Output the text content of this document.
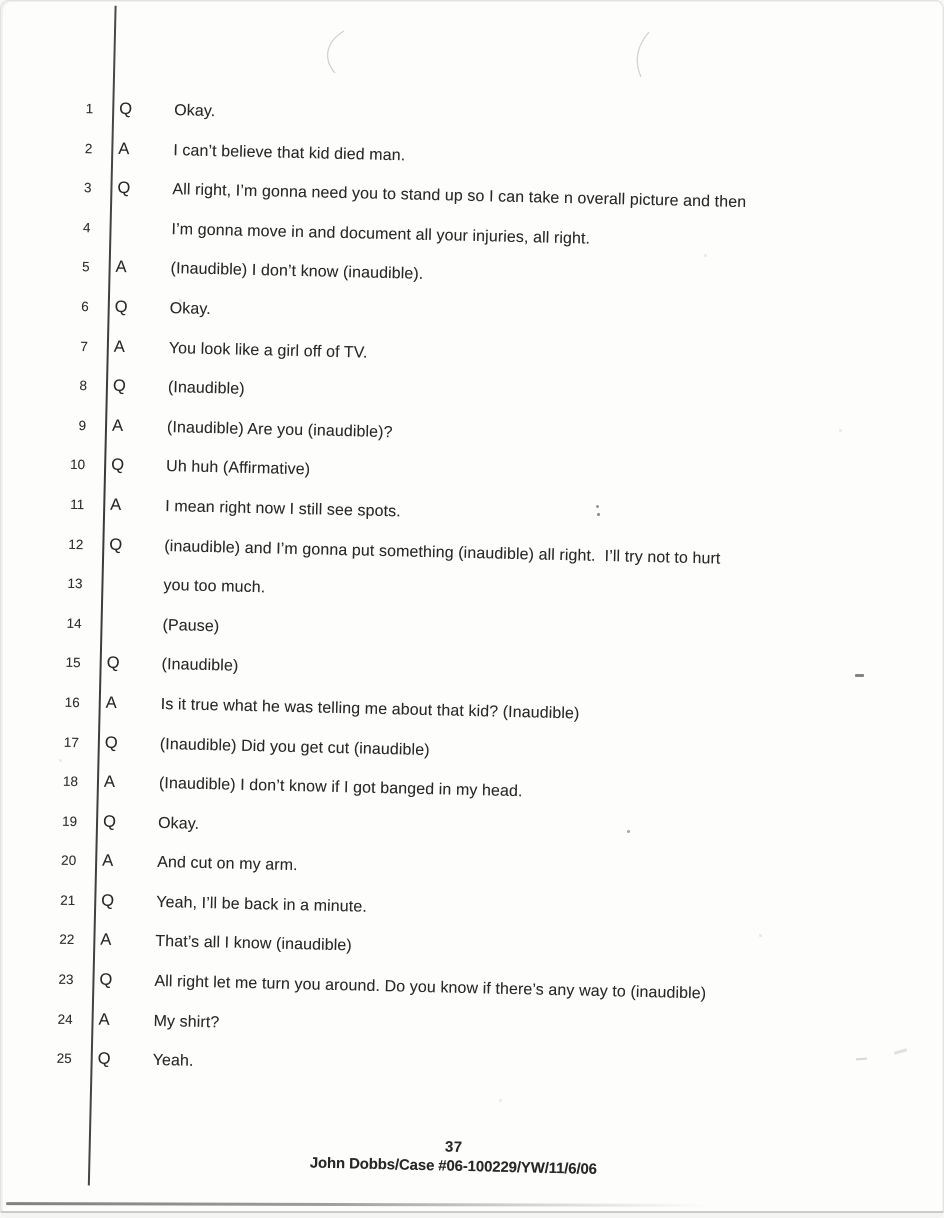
1	Q	Okay.
2	A	I can’t believe that kid died man.
3	Q	All right, I’m gonna need you to stand up so I can take n overall picture and then
4	I’m gonna move in and document all your injuries, all right.
5	A	(Inaudible) I don’t know (inaudible).
6	Q	Okay.
7	A	You look like a girl off of TV.
8	Q	(Inaudible)
9	A	(Inaudible) Are you (inaudible)?
10	Q	Uh huh (Affirmative)
11	A	I mean right now I still see spots.
12	Q	(inaudible) and I’m gonna put something (inaudible) all right.  I’ll try not to hurt
13	you too much.
14	(Pause)
15	Q	(Inaudible)
16	A	Is it true what he was telling me about that kid? (Inaudible)
17	Q	(Inaudible) Did you get cut (inaudible)
18	A	(Inaudible) I don’t know if I got banged in my head.
19	Q	Okay.
20	A	And cut on my arm.
21	Q	Yeah, I’ll be back in a minute.
22	A	That’s all I know (inaudible)
23	Q	All right let me turn you around. Do you know if there’s any way to (inaudible)
24	A	My shirt?
25	Q	Yeah.
37
John Dobbs/Case #06-100229/YW/11/6/06
